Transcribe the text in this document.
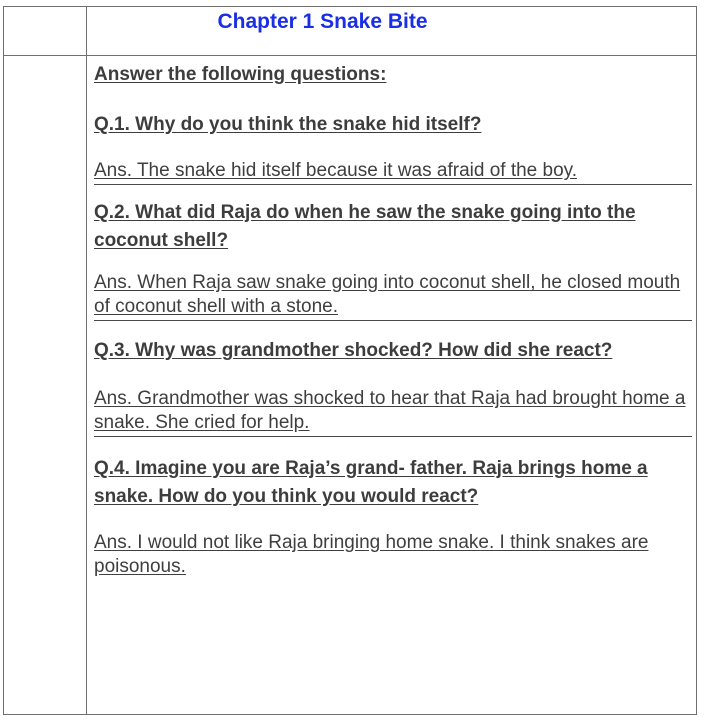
Chapter 1 Snake Bite

Answer the following questions:

Q.1. Why do you think the snake hid itself?

Ans. The snake hid itself because it was afraid of the boy.

Q.2. What did Raja do when he saw the snake going into the coconut shell?

Ans. When Raja saw snake going into coconut shell, he closed mouth of coconut shell with a stone.

Q.3. Why was grandmother shocked? How did she react?

Ans. Grandmother was shocked to hear that Raja had brought home a snake. She cried for help.

Q.4. Imagine you are Raja’s grand- father. Raja brings home a snake. How do you think you would react?

Ans. I would not like Raja bringing home snake. I think snakes are poisonous.
